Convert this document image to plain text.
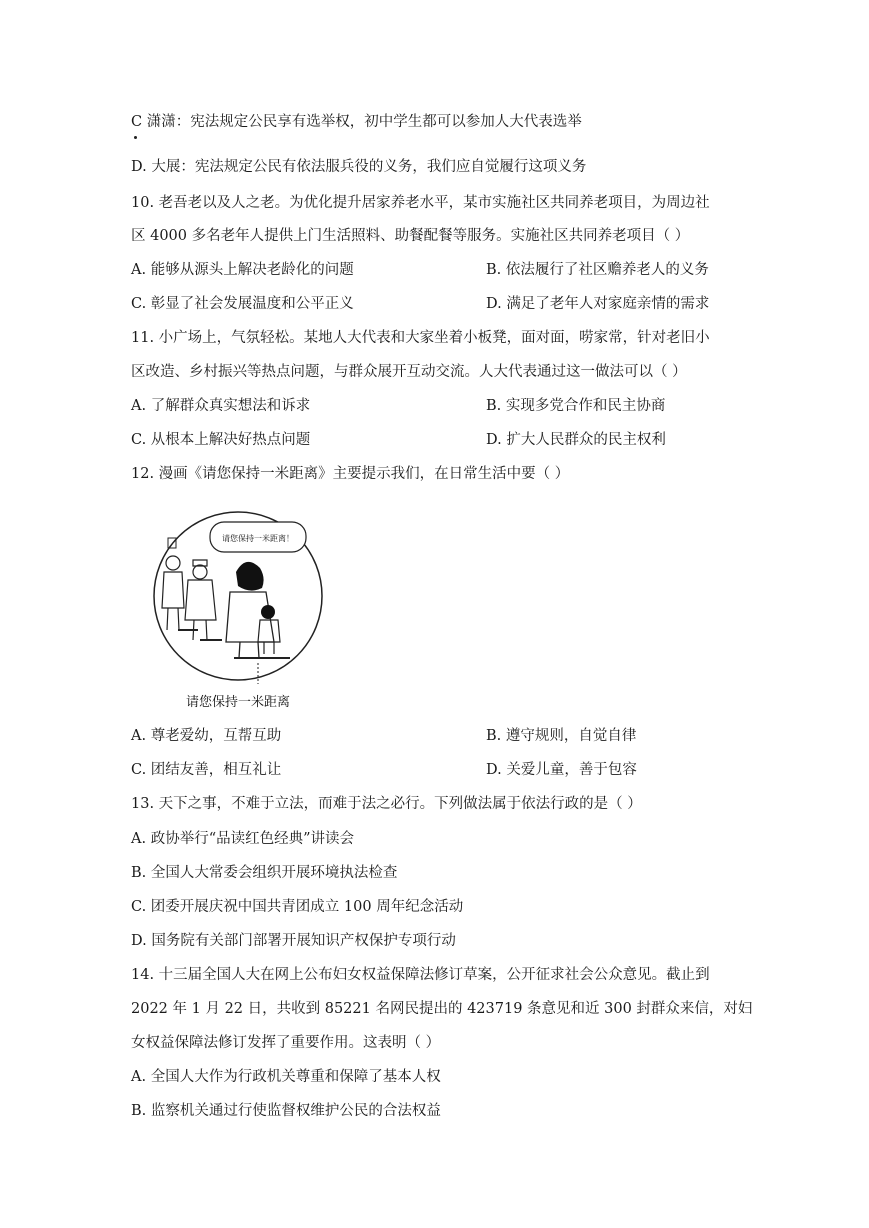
C 潇潇：宪法规定公民享有选举权，初中学生都可以参加人大代表选举
D. 大展：宪法规定公民有依法服兵役的义务，我们应自觉履行这项义务
10. 老吾老以及人之老。为优化提升居家养老水平，某市实施社区共同养老项目，为周边社
区 4000 多名老年人提供上门生活照料、助餐配餐等服务。实施社区共同养老项目（ ）
A. 能够从源头上解决老龄化的问题	B. 依法履行了社区赡养老人的义务
C. 彰显了社会发展温度和公平正义	D. 满足了老年人对家庭亲情的需求
11. 小广场上，气氛轻松。某地人大代表和大家坐着小板凳，面对面，唠家常，针对老旧小
区改造、乡村振兴等热点问题，与群众展开互动交流。人大代表通过这一做法可以（ ）
A. 了解群众真实想法和诉求	B. 实现多党合作和民主协商
C. 从根本上解决好热点问题	D. 扩大人民群众的民主权利
12. 漫画《请您保持一米距离》主要提示我们，在日常生活中要（ ）
请您保持一米距离！
请您保持一米距离
A. 尊老爱幼，互帮互助	B. 遵守规则，自觉自律
C. 团结友善，相互礼让	D. 关爱儿童，善于包容
13. 天下之事，不难于立法，而难于法之必行。下列做法属于依法行政的是（ ）
A. 政协举行“品读红色经典”讲读会
B. 全国人大常委会组织开展环境执法检查
C. 团委开展庆祝中国共青团成立 100 周年纪念活动
D. 国务院有关部门部署开展知识产权保护专项行动
14. 十三届全国人大在网上公布妇女权益保障法修订草案，公开征求社会公众意见。截止到
2022 年 1 月 22 日，共收到 85221 名网民提出的 423719 条意见和近 300 封群众来信，对妇
女权益保障法修订发挥了重要作用。这表明（ ）
A. 全国人大作为行政机关尊重和保障了基本人权
B. 监察机关通过行使监督权维护公民的合法权益
